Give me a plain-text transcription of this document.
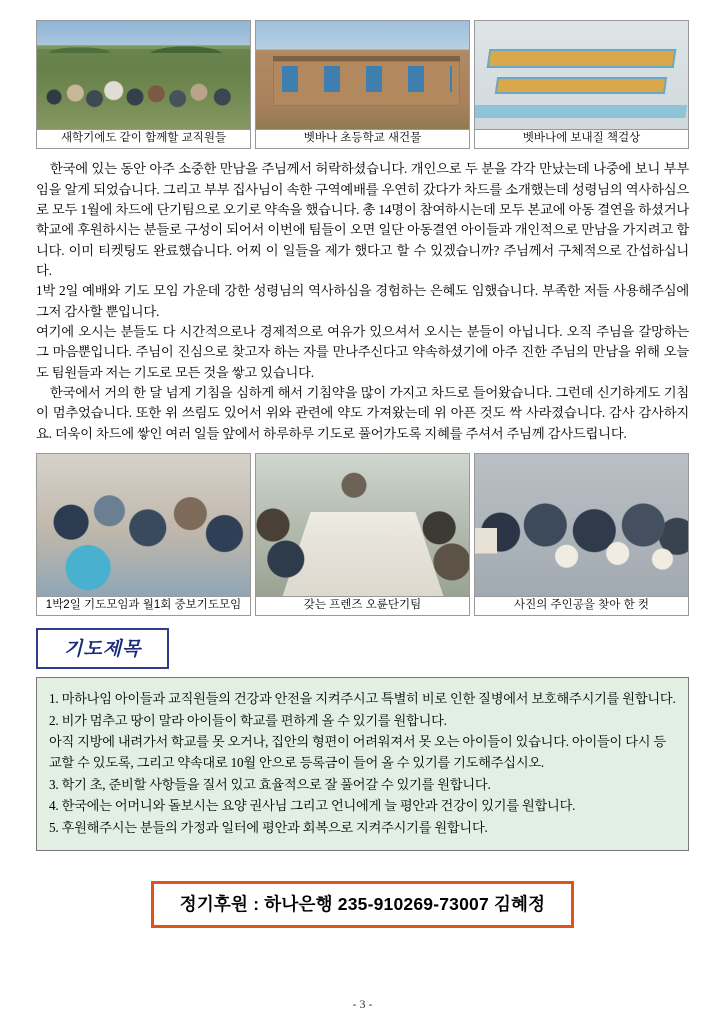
새학기에도 같이 함께할 교직원들	벳바나 초등학교 새건물	벳바나에 보내질 책걸상

한국에 있는 동안 아주 소중한 만남을 주님께서 허락하셨습니다. 개인으로 두 분을 각각 만났는데 나중에 보니 부부임을 알게 되었습니다. 그리고 부부 집사님이 속한 구역예배를 우연히 갔다가 차드를 소개했는데 성령님의 역사하심으로 모두 1월에 차드에 단기팀으로 오기로 약속을 했습니다. 총 14명이 참여하시는데 모두 본교에 아동 결연을 하셨거나 학교에 후원하시는 분들로 구성이 되어서 이번에 팀들이 오면 일단 아동결연 아이들과 개인적으로 만남을 가지려고 합니다. 이미 티켓팅도 완료했습니다. 어찌 이 일들을 제가 했다고 할 수 있겠습니까? 주님께서 구체적으로 간섭하십니다.

1박 2일 예배와 기도 모임 가운데 강한 성령님의 역사하심을 경험하는 은혜도 임했습니다. 부족한 저들 사용해주심에 그저 감사할 뿐입니다.

여기에 오시는 분들도 다 시간적으로나 경제적으로 여유가 있으셔서 오시는 분들이 아닙니다. 오직 주님을 갈망하는 그 마음뿐입니다. 주님이 진심으로 찾고자 하는 자를 만나주신다고 약속하셨기에 아주 진한 주님의 만남을 위해 오늘도 팀원들과 저는 기도로 모든 것을 쌓고 있습니다.

한국에서 거의 한 달 넘게 기침을 심하게 해서 기침약을 많이 가지고 차드로 들어왔습니다. 그런데 신기하게도 기침이 멈추었습니다. 또한 위 쓰림도 있어서 위와 관련에 약도 가져왔는데 위 아픈 것도 싹 사라졌습니다. 감사 감사하지요. 더욱이 차드에 쌓인 여러 일들 앞에서 하루하루 기도로 풀어가도록 지혜를 주셔서 주님께 감사드립니다.

1박2일 기도모임과 월1회 중보기도모임	갖는 프렌즈 오륜단기팀	사진의 주인공을 찾아 한 컷
기도제목

1. 마하나임 아이들과 교직원들의 건강과 안전을 지켜주시고 특별히 비로 인한 질병에서 보호해주시기를 원합니다.

2. 비가 멈추고 땅이 말라 아이들이 학교를 편하게 올 수 있기를 원합니다.

아직 지방에 내려가서 학교를 못 오거나, 집안의 형편이 어려워져서 못 오는 아이들이 있습니다. 아이들이 다시 등교할 수 있도록, 그리고 약속대로 10월 안으로 등록금이 들어 올 수 있기를 기도해주십시오.

3. 학기 초, 준비할 사항들을 질서 있고 효율적으로 잘 풀어갈 수 있기를 원합니다.

4. 한국에는 어머니와 돌보시는 요양 권사님 그리고 언니에게 늘 평안과 건강이 있기를 원합니다.

5. 후원해주시는 분들의 가정과 일터에 평안과 회복으로 지켜주시기를 원합니다.

정기후원 : 하나은행 235-910269-73007 김혜정
- 3 -
